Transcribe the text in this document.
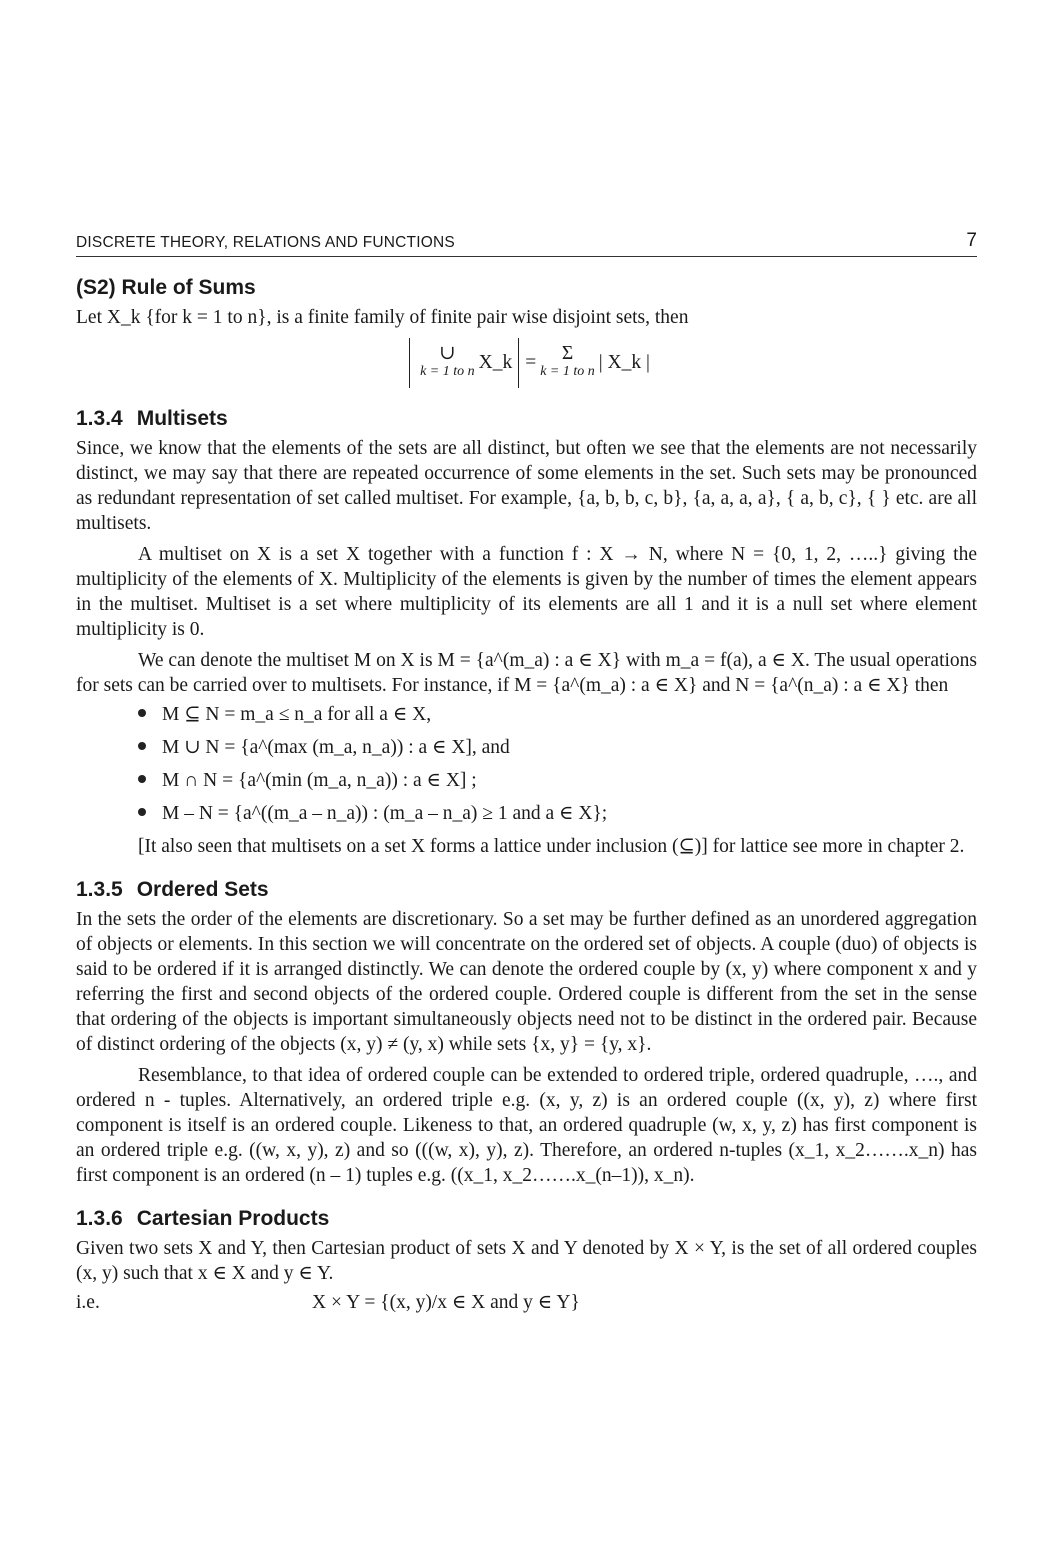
DISCRETE THEORY, RELATIONS AND FUNCTIONS	7
(S2) Rule of Sums

Let X_k {for k = 1 to n}, is a finite family of finite pair wise disjoint sets, then

∪
k = 1 to n X_k = Σ
k = 1 to n | X_k |
1.3.4 Multisets

Since, we know that the elements of the sets are all distinct, but often we see that the elements are not necessarily distinct, we may say that there are repeated occurrence of some elements in the set. Such sets may be pronounced as redundant representation of set called multiset. For example, {a, b, b, c, b}, {a, a, a, a}, { a, b, c}, { } etc. are all multisets.

A multiset on X is a set X together with a function f : X → N, where N = {0, 1, 2, …..} giving the multiplicity of the elements of X. Multiplicity of the elements is given by the number of times the element appears in the multiset. Multiset is a set where multiplicity of its elements are all 1 and it is a null set where element multiplicity is 0.

We can denote the multiset M on X is M = {a^(m_a) : a ∈ X} with m_a = f(a), a ∈ X. The usual operations for sets can be carried over to multisets. For instance, if M = {a^(m_a) : a ∈ X} and N = {a^(n_a) : a ∈ X} then

M ⊆ N = m_a ≤ n_a for all a ∈ X,
M ∪ N = {a^(max (m_a, n_a)) : a ∈ X], and
M ∩ N = {a^(min (m_a, n_a)) : a ∈ X] ;
M – N = {a^((m_a – n_a)) : (m_a – n_a) ≥ 1 and a ∈ X};

[It also seen that multisets on a set X forms a lattice under inclusion (⊆)] for lattice see more in chapter 2.

1.3.5 Ordered Sets

In the sets the order of the elements are discretionary. So a set may be further defined as an unordered aggregation of objects or elements. In this section we will concentrate on the ordered set of objects. A couple (duo) of objects is said to be ordered if it is arranged distinctly. We can denote the ordered couple by (x, y) where component x and y referring the first and second objects of the ordered couple. Ordered couple is different from the set in the sense that ordering of the objects is important simultaneously objects need not to be distinct in the ordered pair. Because of distinct ordering of the objects (x, y) ≠ (y, x) while sets {x, y} = {y, x}.

Resemblance, to that idea of ordered couple can be extended to ordered triple, ordered quadruple, …., and ordered n - tuples. Alternatively, an ordered triple e.g. (x, y, z) is an ordered couple ((x, y), z) where first component is itself is an ordered couple. Likeness to that, an ordered quadruple (w, x, y, z) has first component is an ordered triple e.g. ((w, x, y), z) and so (((w, x), y), z). Therefore, an ordered n-tuples (x_1, x_2…….x_n) has first component is an ordered (n – 1) tuples e.g. ((x_1, x_2…….x_(n–1)), x_n).

1.3.6 Cartesian Products

Given two sets X and Y, then Cartesian product of sets X and Y denoted by X × Y, is the set of all ordered couples (x, y) such that x ∈ X and y ∈ Y.

i.e.	X × Y = {(x, y)/x ∈ X and y ∈ Y}
